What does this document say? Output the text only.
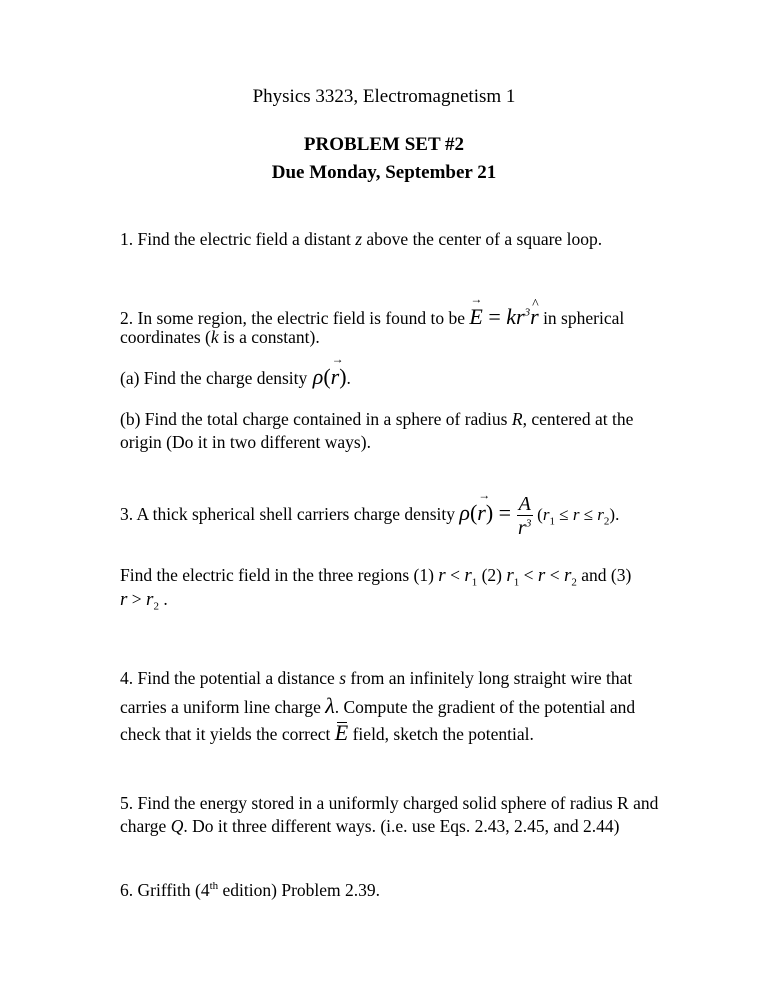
Physics 3323, Electromagnetism 1
PROBLEM SET #2
Due Monday, September 21
1. Find the electric field a distant z above the center of a square loop.
2. In some region, the electric field is found to be → $E = kr^3\^{}$ r in spherical
coordinates (k is a constant).
(a) Find the charge density ρ(→ r).
(b) Find the total charge contained in a sphere of radius R, centered at the
origin (Do it in two different ways).
3. A thick spherical shell carriers charge density $\rho(\to r) = \frac{A}{r^3} (r_1 \le r \le r_2)$.
Find the electric field in the three regions (1) $r < r_1$ (2) $r_1 < r < r_2$ and (3)
$r > r_2$ .
4. Find the potential a distance s from an infinitely long straight wire that
carries a uniform line charge λ. Compute the gradient of the potential and
check that it yields the correct E field, sketch the potential.
5. Find the energy stored in a uniformly charged solid sphere of radius R and
charge Q. Do it three different ways. (i.e. use Eqs. 2.43, 2.45, and 2.44)
6. Griffith (4th edition) Problem 2.39.
